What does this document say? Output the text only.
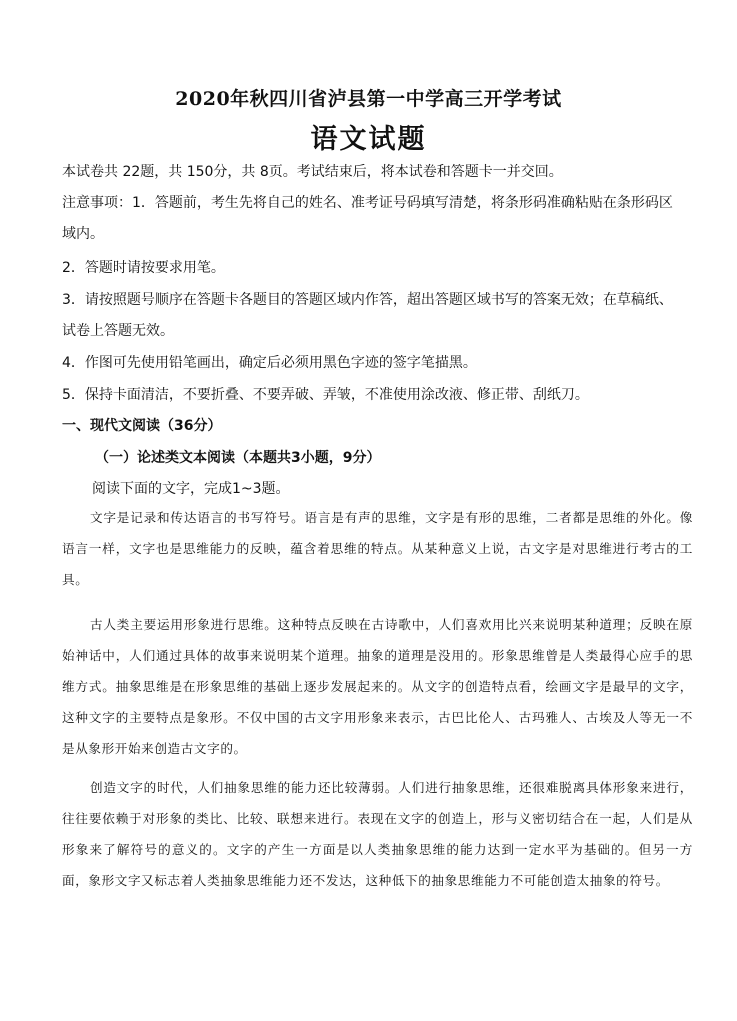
2020年秋四川省泸县第一中学高三开学考试
语文试题
本试卷共 22题，共 150分，共 8页。考试结束后，将本试卷和答题卡一并交回。
注意事项：1．答题前，考生先将自己的姓名、准考证号码填写清楚，将条形码准确粘贴在条形码区
域内。
2．答题时请按要求用笔。
3．请按照题号顺序在答题卡各题目的答题区域内作答，超出答题区域书写的答案无效；在草稿纸、
试卷上答题无效。
4．作图可先使用铅笔画出，确定后必须用黑色字迹的签字笔描黑。
5．保持卡面清洁，不要折叠、不要弄破、弄皱，不准使用涂改液、修正带、刮纸刀。
一、现代文阅读（36分）
（一）论述类文本阅读（本题共3小题，9分）
阅读下面的文字，完成1~3题。

文字是记录和传达语言的书写符号。语言是有声的思维，文字是有形的思维，二者都是思维的外化。像语言一样，文字也是思维能力的反映，蕴含着思维的特点。从某种意义上说，古文字是对思维进行考古的工具。

古人类主要运用形象进行思维。这种特点反映在古诗歌中，人们喜欢用比兴来说明某种道理；反映在原始神话中，人们通过具体的故事来说明某个道理。抽象的道理是没用的。形象思维曾是人类最得心应手的思维方式。抽象思维是在形象思维的基础上逐步发展起来的。从文字的创造特点看，绘画文字是最早的文字，这种文字的主要特点是象形。不仅中国的古文字用形象来表示，古巴比伦人、古玛雅人、古埃及人等无一不是从象形开始来创造古文字的。

创造文字的时代，人们抽象思维的能力还比较薄弱。人们进行抽象思维，还很难脱离具体形象来进行，往往要依赖于对形象的类比、比较、联想来进行。表现在文字的创造上，形与义密切结合在一起，人们是从形象来了解符号的意义的。文字的产生一方面是以人类抽象思维的能力达到一定水平为基础的。但另一方面，象形文字又标志着人类抽象思维能力还不发达，这种低下的抽象思维能力不可能创造太抽象的符号。
